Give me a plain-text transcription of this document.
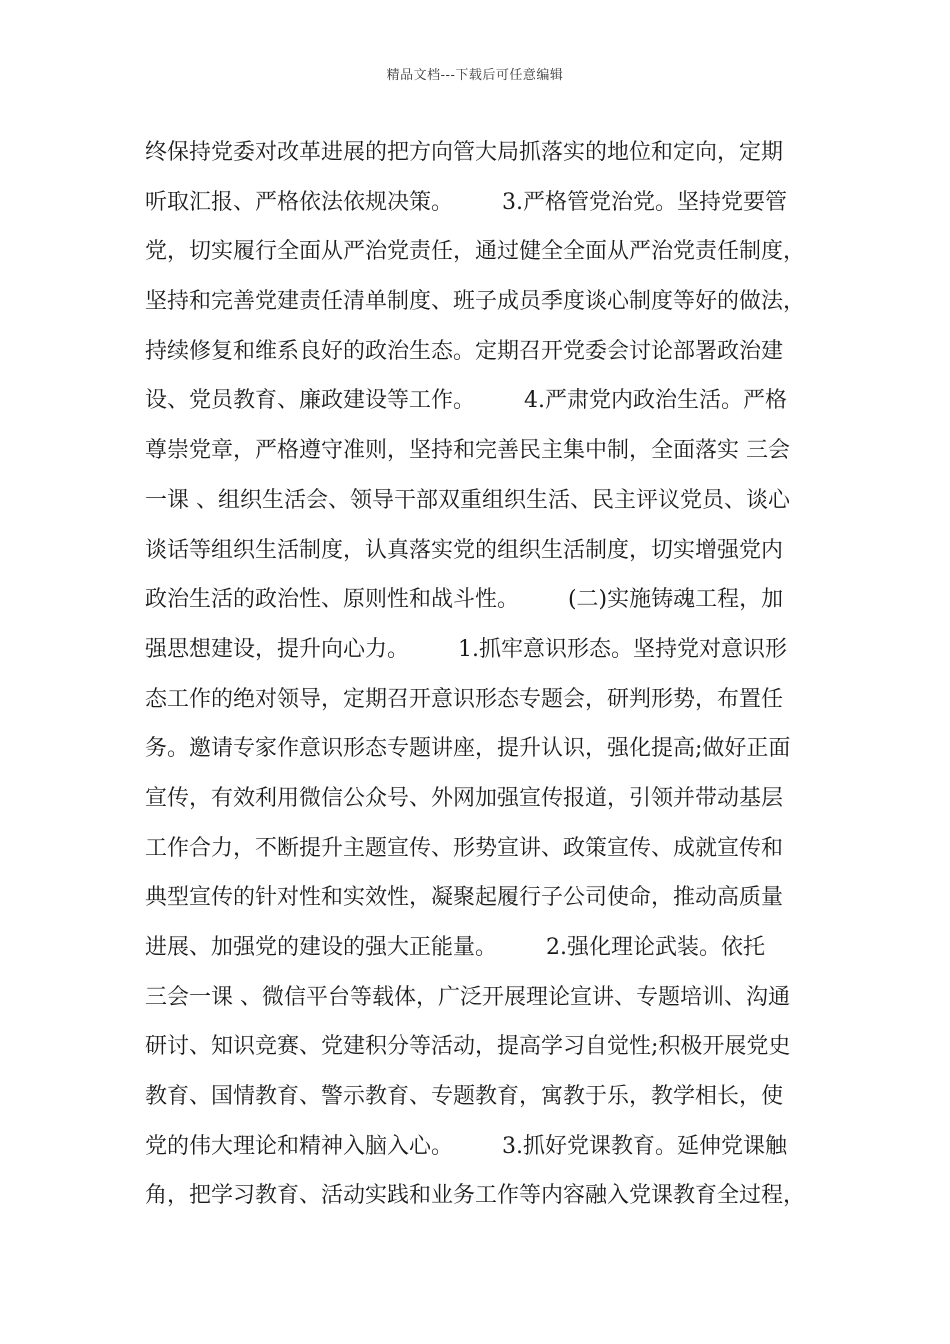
精品文档---下载后可任意编辑
终保持党委对改革进展的把方向管大局抓落实的地位和定向，定期
听取汇报、严格依法依规决策。       3.严格管党治党。坚持党要管
党，切实履行全面从严治党责任，通过健全全面从严治党责任制度，
坚持和完善党建责任清单制度、班子成员季度谈心制度等好的做法，
持续修复和维系良好的政治生态。定期召开党委会讨论部署政治建
设、党员教育、廉政建设等工作。       4.严肃党内政治生活。严格
尊崇党章，严格遵守准则，坚持和完善民主集中制，全面落实 三会
一课 、组织生活会、领导干部双重组织生活、民主评议党员、谈心
谈话等组织生活制度，认真落实党的组织生活制度，切实增强党内
政治生活的政治性、原则性和战斗性。       (二)实施铸魂工程，加
强思想建设，提升向心力。       1.抓牢意识形态。坚持党对意识形
态工作的绝对领导，定期召开意识形态专题会，研判形势，布置任
务。邀请专家作意识形态专题讲座，提升认识，强化提高;做好正面
宣传，有效利用微信公众号、外网加强宣传报道，引领并带动基层
工作合力，不断提升主题宣传、形势宣讲、政策宣传、成就宣传和
典型宣传的针对性和实效性，凝聚起履行子公司使命，推动高质量
进展、加强党的建设的强大正能量。       2.强化理论武装。依托
三会一课 、微信平台等载体，广泛开展理论宣讲、专题培训、沟通
研讨、知识竞赛、党建积分等活动，提高学习自觉性;积极开展党史
教育、国情教育、警示教育、专题教育，寓教于乐，教学相长，使
党的伟大理论和精神入脑入心。       3.抓好党课教育。延伸党课触
角，把学习教育、活动实践和业务工作等内容融入党课教育全过程，
